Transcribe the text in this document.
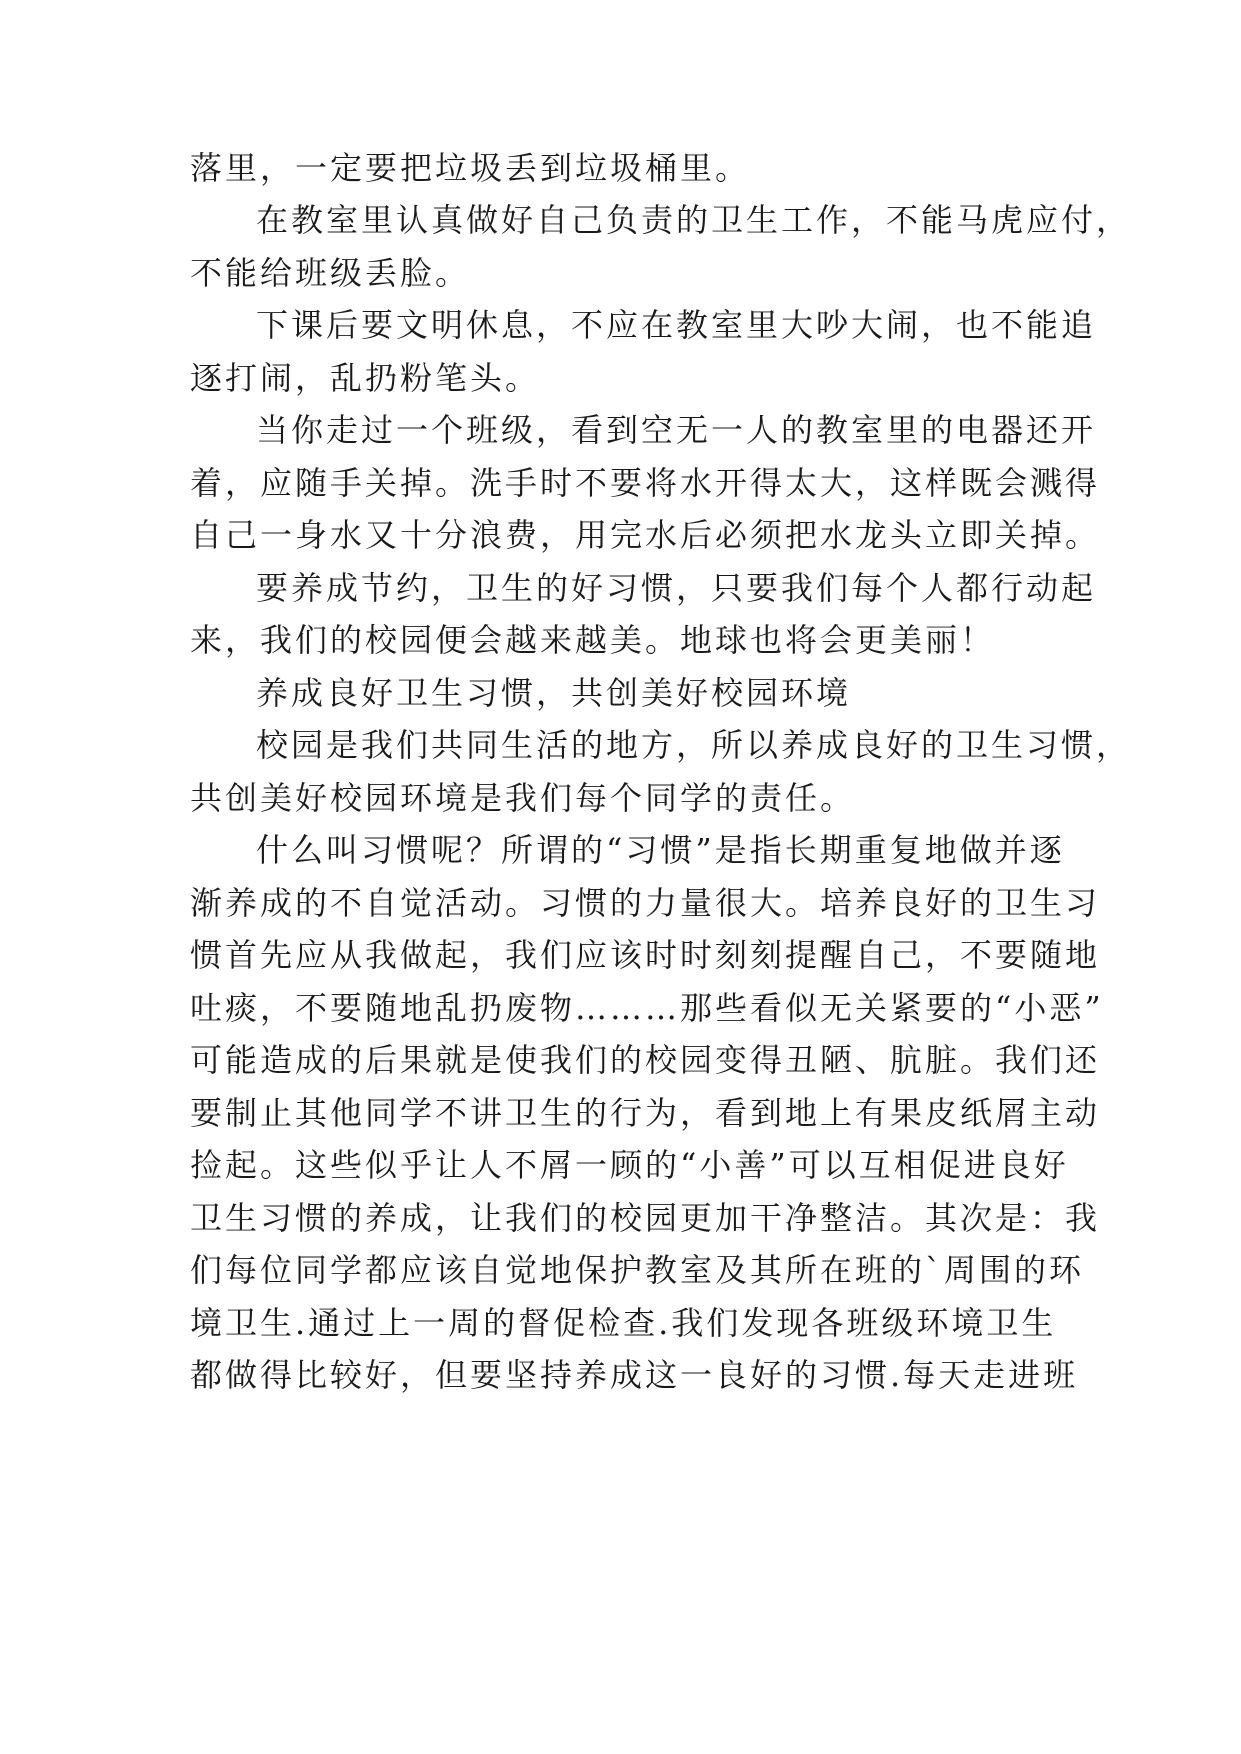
落里，一定要把垃圾丢到垃圾桶里。
在教室里认真做好自己负责的卫生工作，不能马虎应付，
不能给班级丢脸。
下课后要文明休息，不应在教室里大吵大闹，也不能追
逐打闹，乱扔粉笔头。
当你走过一个班级，看到空无一人的教室里的电器还开
着，应随手关掉。洗手时不要将水开得太大，这样既会溅得
自己一身水又十分浪费，用完水后必须把水龙头立即关掉。
要养成节约，卫生的好习惯，只要我们每个人都行动起
来，我们的校园便会越来越美。地球也将会更美丽！
养成良好卫生习惯，共创美好校园环境
校园是我们共同生活的地方，所以养成良好的卫生习惯，
共创美好校园环境是我们每个同学的责任。
什么叫习惯呢？所谓的“习惯”是指长期重复地做并逐
渐养成的不自觉活动。习惯的力量很大。培养良好的卫生习
惯首先应从我做起，我们应该时时刻刻提醒自己，不要随地
吐痰，不要随地乱扔废物………那些看似无关紧要的“小恶”
可能造成的后果就是使我们的校园变得丑陋、肮脏。我们还
要制止其他同学不讲卫生的行为，看到地上有果皮纸屑主动
捡起。这些似乎让人不屑一顾的“小善”可以互相促进良好
卫生习惯的养成，让我们的校园更加干净整洁。其次是：我
们每位同学都应该自觉地保护教室及其所在班的`周围的环
境卫生.通过上一周的督促检查.我们发现各班级环境卫生
都做得比较好，但要坚持养成这一良好的习惯.每天走进班
